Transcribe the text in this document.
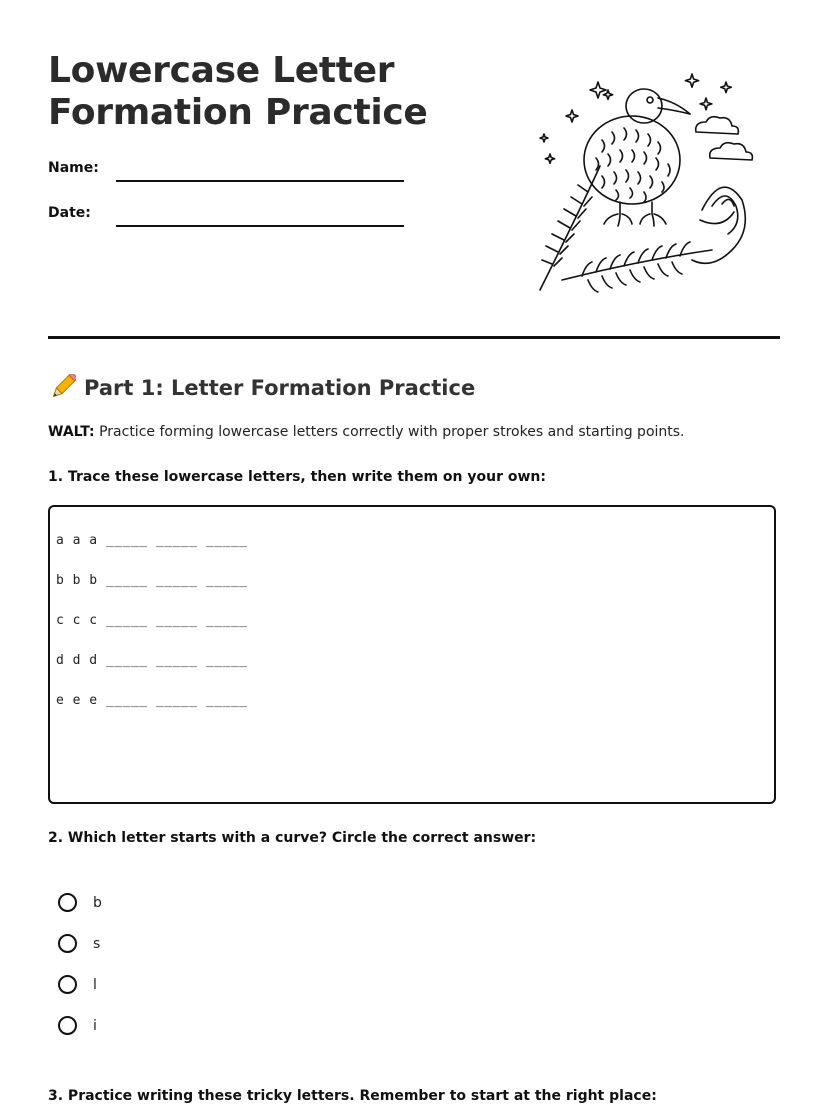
Lowercase Letter
Formation Practice
Name:
Date:
Part 1: Letter Formation Practice
WALT: Practice forming lowercase letters correctly with proper strokes and starting points.

1. Trace these lowercase letters, then write them on your own:

a a a _____ _____ _____
b b b _____ _____ _____
c c c _____ _____ _____
d d d _____ _____ _____
e e e _____ _____ _____

2. Which letter starts with a curve? Circle the correct answer:

b
s
l
i

3. Practice writing these tricky letters. Remember to start at the right place:
